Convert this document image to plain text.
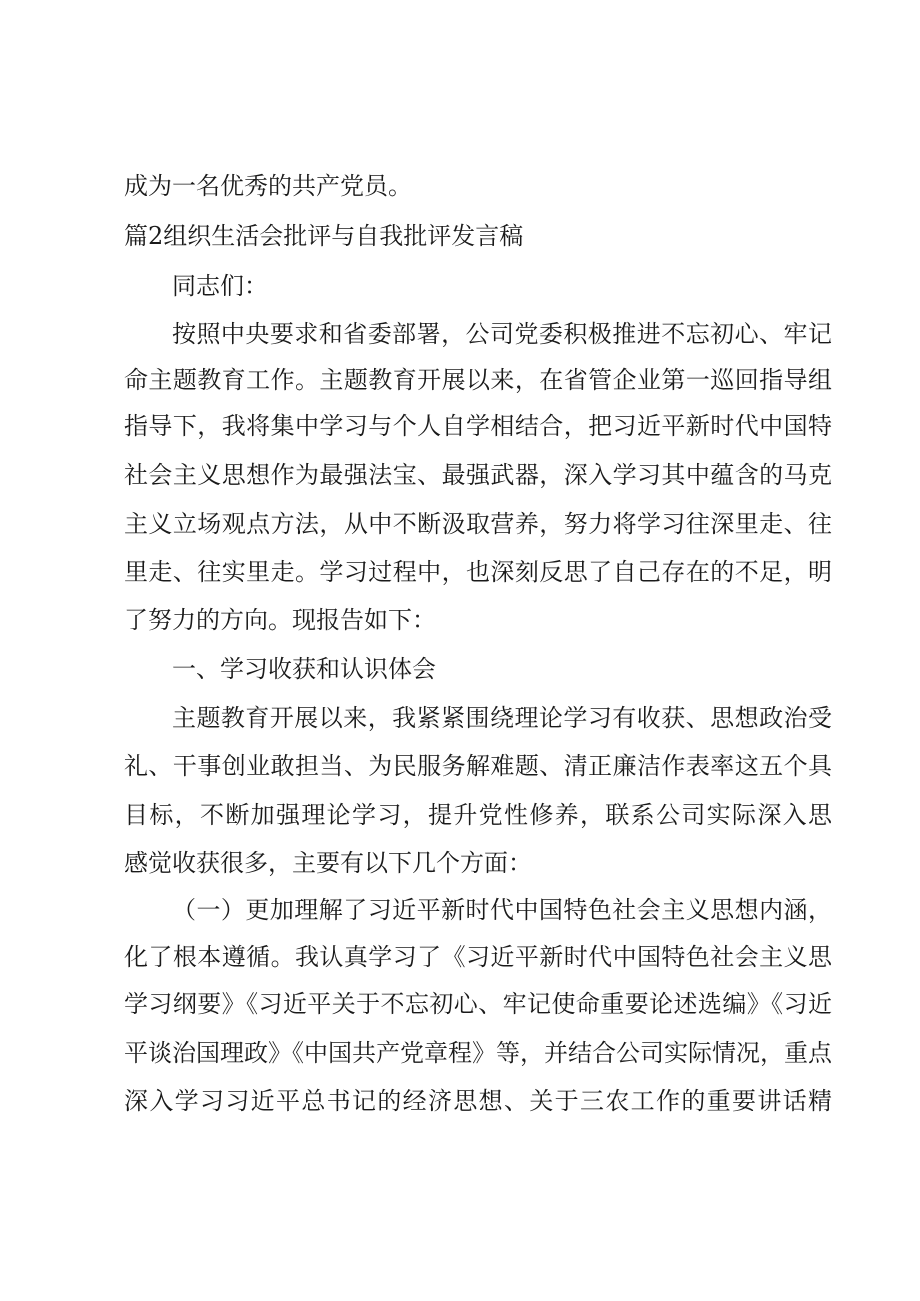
成为一名优秀的共产党员。
篇2组织生活会批评与自我批评发言稿
同志们：
按照中央要求和省委部署，公司党委积极推进不忘初心、牢记
命主题教育工作。主题教育开展以来，在省管企业第一巡回指导组
指导下，我将集中学习与个人自学相结合，把习近平新时代中国特
社会主义思想作为最强法宝、最强武器，深入学习其中蕴含的马克
主义立场观点方法，从中不断汲取营养，努力将学习往深里走、往
里走、往实里走。学习过程中，也深刻反思了自己存在的不足，明
了努力的方向。现报告如下：
一、学习收获和认识体会
主题教育开展以来，我紧紧围绕理论学习有收获、思想政治受
礼、干事创业敢担当、为民服务解难题、清正廉洁作表率这五个具
目标，不断加强理论学习，提升党性修养，联系公司实际深入思
感觉收获很多，主要有以下几个方面：
（一）更加理解了习近平新时代中国特色社会主义思想内涵，
化了根本遵循。我认真学习了《习近平新时代中国特色社会主义思
学习纲要》《习近平关于不忘初心、牢记使命重要论述选编》《习近
平谈治国理政》《中国共产党章程》等，并结合公司实际情况，重点
深入学习习近平总书记的经济思想、关于三农工作的重要讲话精
